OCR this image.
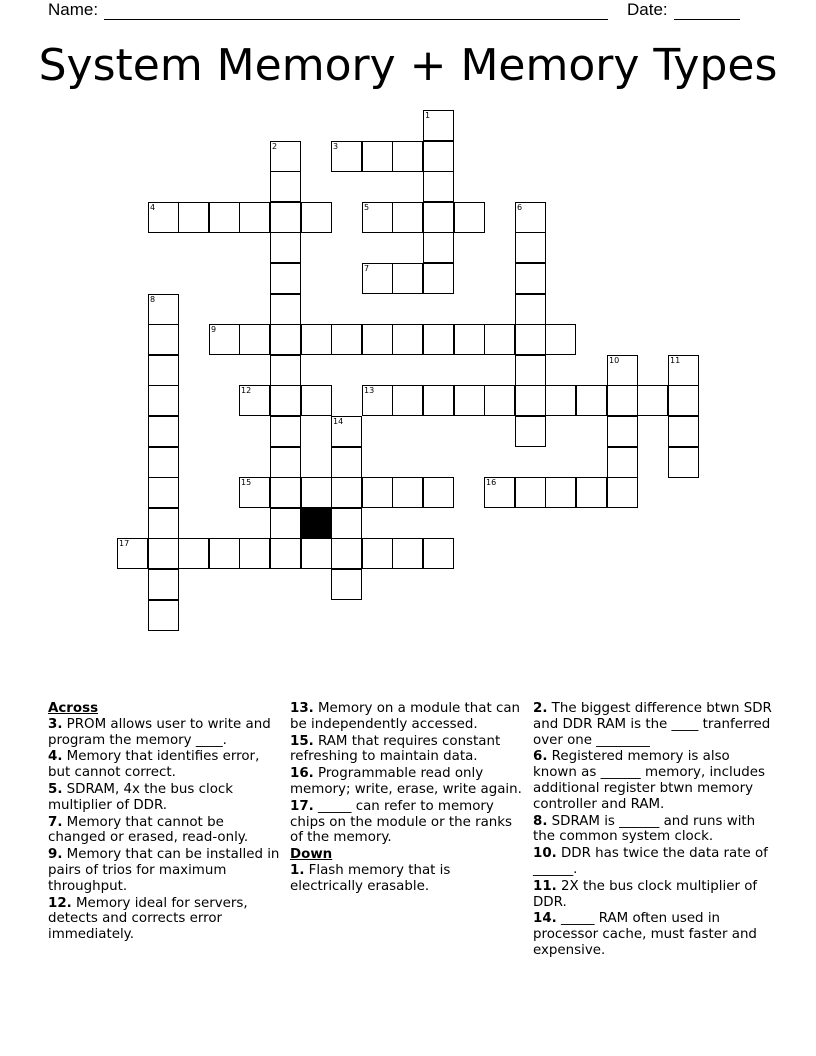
Name:	Date:
System Memory + Memory Types
1
2	3
4	5	6
7
8
9
10	11
12	13
14
15	16
17
Across
3. PROM allows user to write and program the memory ____.
4. Memory that identifies error, but cannot correct.
5. SDRAM, 4x the bus clock multiplier of DDR.
7. Memory that cannot be changed or erased, read-only.
9. Memory that can be installed in pairs of trios for maximum throughput.
12. Memory ideal for servers, detects and corrects error immediately.
13. Memory on a module that can be independently accessed.
15. RAM that requires constant refreshing to maintain data.
16. Programmable read only memory; write, erase, write again.
17. _____ can refer to memory chips on the module or the ranks of the memory.
Down
1. Flash memory that is electrically erasable.
2. The biggest difference btwn SDR and DDR RAM is the ____ tranferred over one ________
6. Registered memory is also known as ______ memory, includes additional register btwn memory controller and RAM.
8. SDRAM is ______ and runs with the common system clock.
10. DDR has twice the data rate of ______.
11. 2X the bus clock multiplier of DDR.
14. _____ RAM often used in processor cache, must faster and expensive.
